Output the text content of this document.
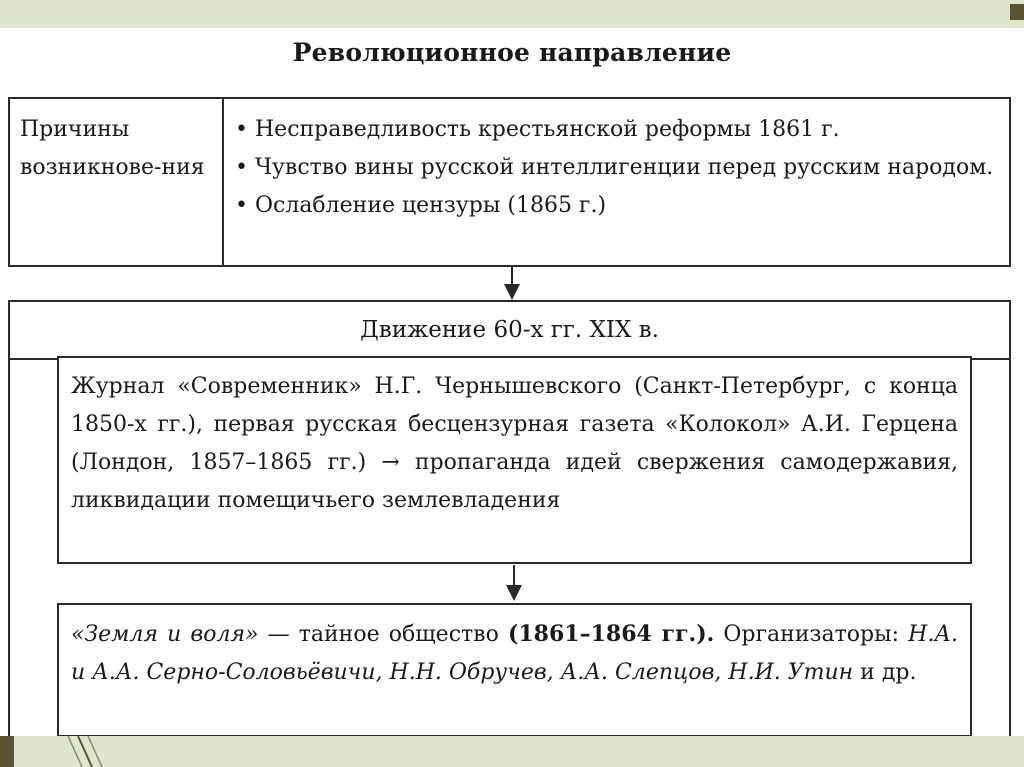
Революционное направление
Причины возникнове-ния

• Несправедливость крестьянской реформы 1861 г.

• Чувство вины русской интеллигенции перед русским народом.

• Ослабление цензуры (1865 г.)

Движение 60-х гг. XIX в.
Журнал «Современник» Н.Г. Чернышевского (Санкт-Петербург, с конца 1850-х гг.), первая русская бесцензурная газета «Колокол» А.И. Герцена (Лондон, 1857–1865 гг.) → пропаганда идей свержения самодержавия, ликвидации помещичьего землевладения
«Земля и воля» — тайное общество (1861–1864 гг.). Организаторы: Н.А. и А.А. Серно-Соловьёвичи, Н.Н. Обручев, А.А. Слепцов, Н.И. Утин и др.
